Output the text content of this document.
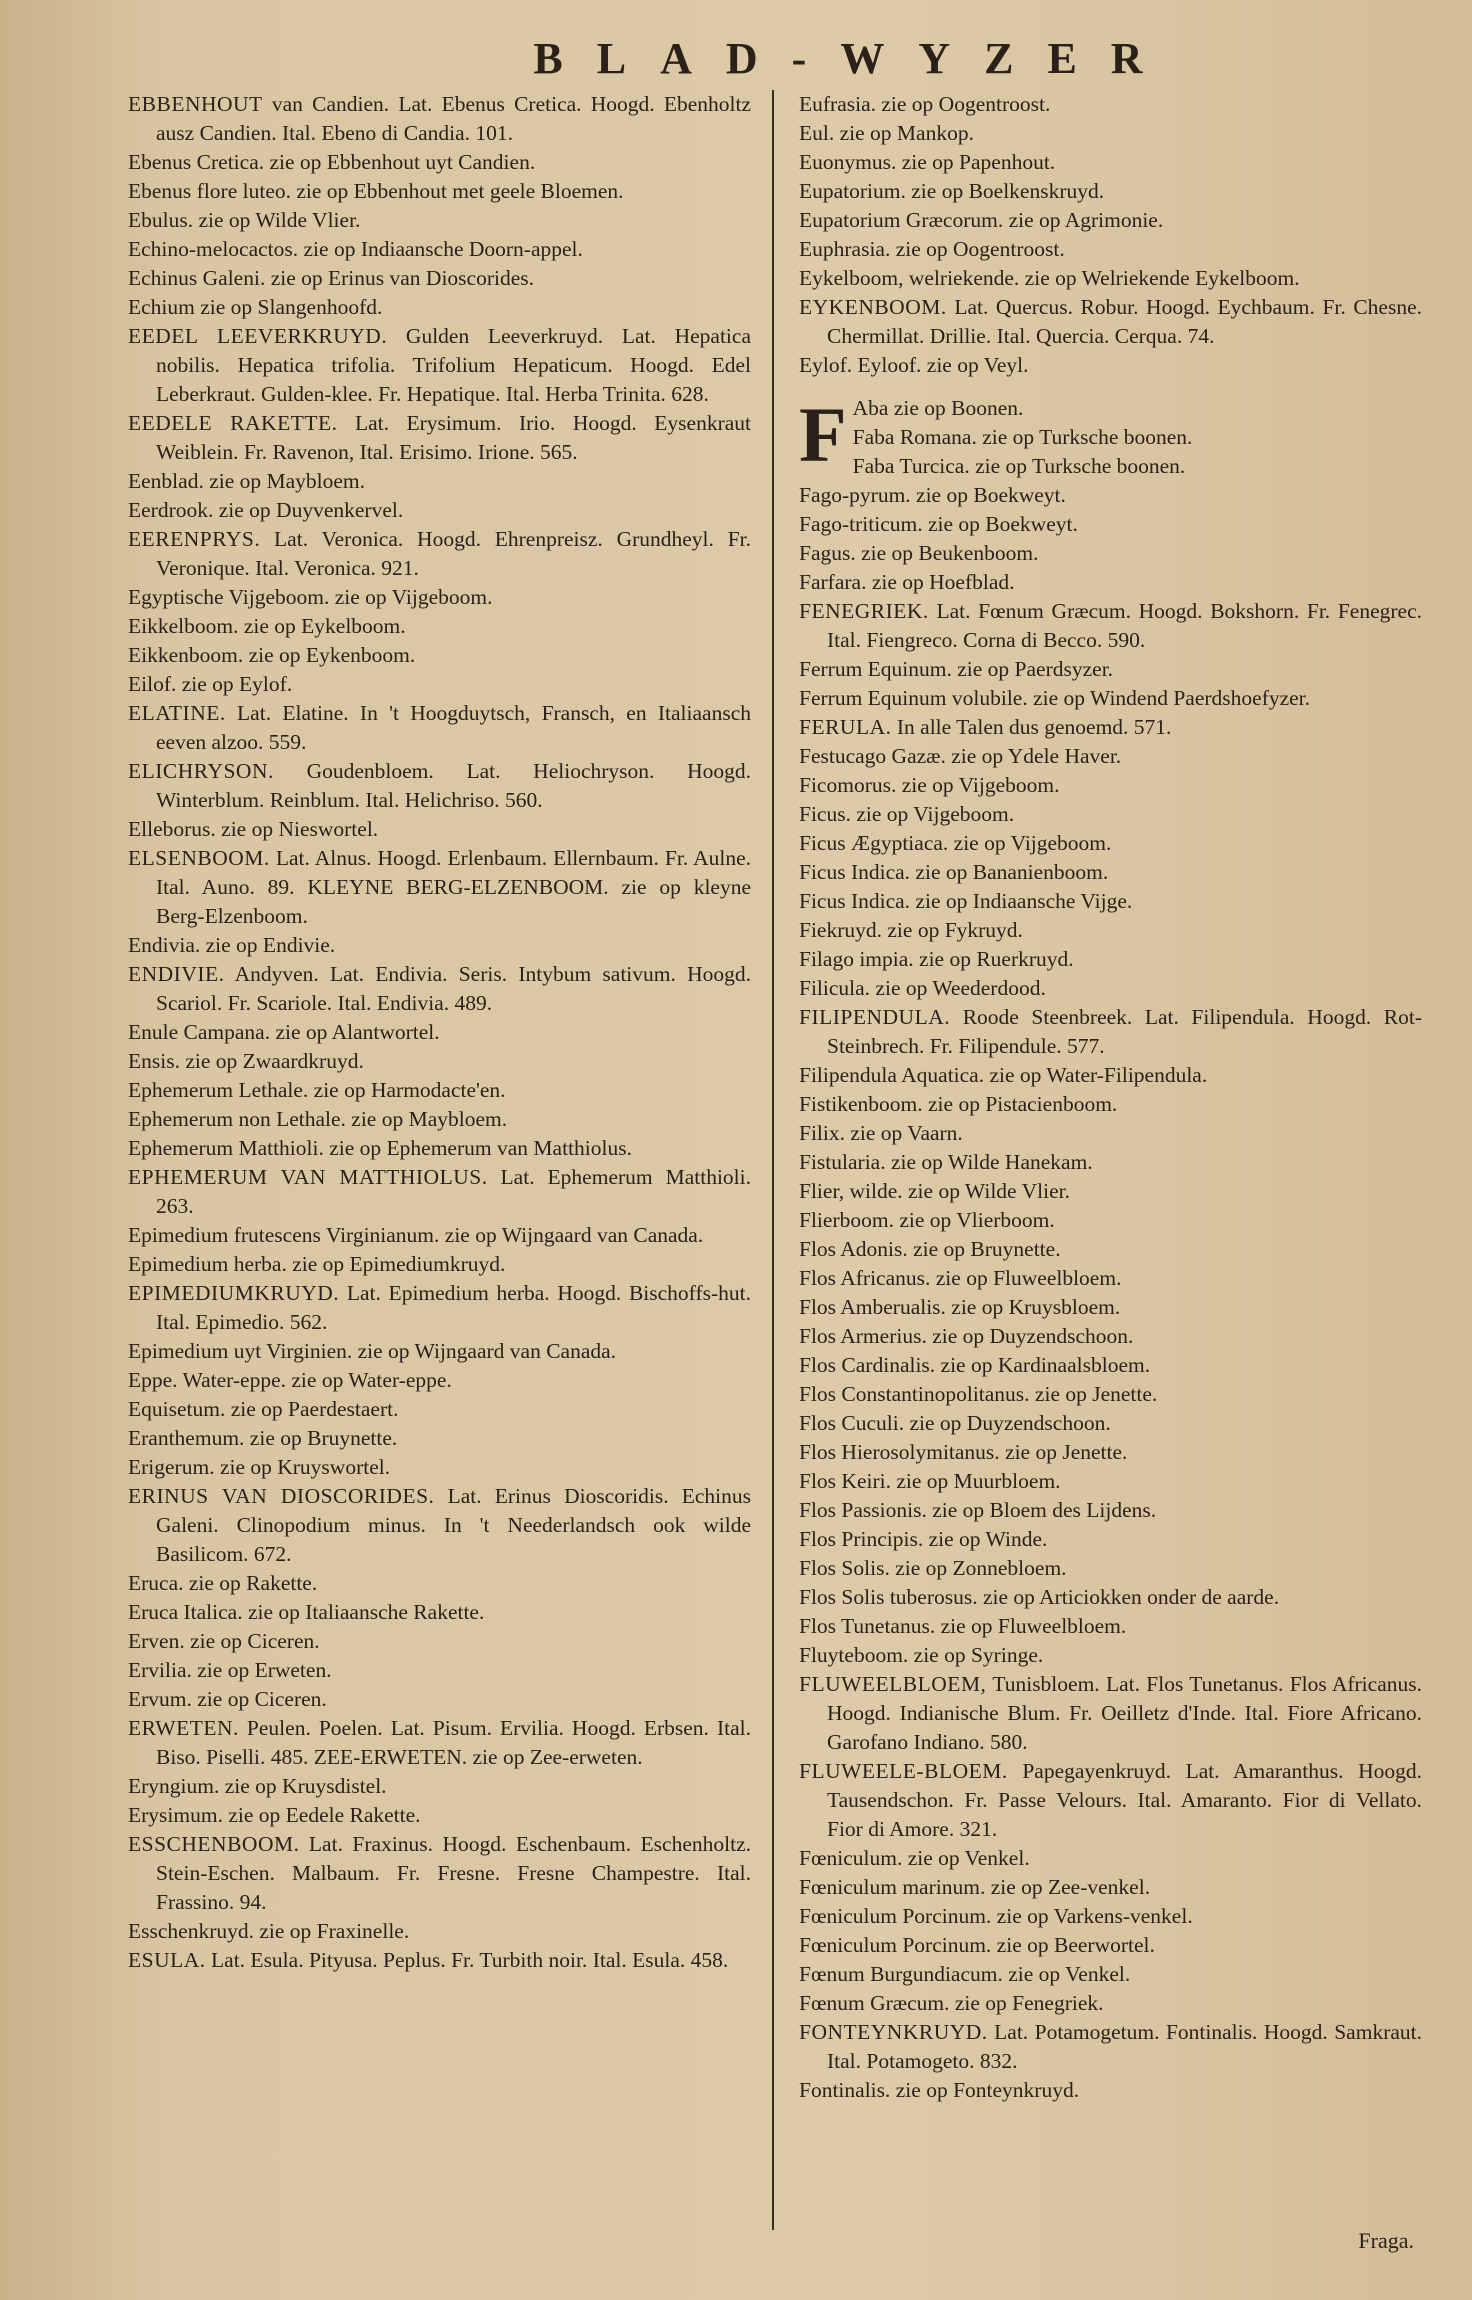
BLAD-WYZER

EBBENHOUT van Candien. Lat. Ebenus Cretica. Hoogd. Ebenholtz ausz Candien. Ital. Ebeno di Candia. 101.

Ebenus Cretica. zie op Ebbenhout uyt Candien.

Ebenus flore luteo. zie op Ebbenhout met geele Bloemen.

Ebulus. zie op Wilde Vlier.

Echino-melocactos. zie op Indiaansche Doorn-appel.

Echinus Galeni. zie op Erinus van Dioscorides.

Echium zie op Slangenhoofd.

EEDEL LEEVERKRUYD. Gulden Leeverkruyd. Lat. Hepatica nobilis. Hepatica trifolia. Trifolium Hepaticum. Hoogd. Edel Leberkraut. Gulden-klee. Fr. Hepatique. Ital. Herba Trinita. 628.

EEDELE RAKETTE. Lat. Erysimum. Irio. Hoogd. Eysenkraut Weiblein. Fr. Ravenon, Ital. Erisimo. Irione. 565.

Eenblad. zie op Maybloem.

Eerdrook. zie op Duyvenkervel.

EERENPRYS. Lat. Veronica. Hoogd. Ehrenpreisz. Grundheyl. Fr. Veronique. Ital. Veronica. 921.

Egyptische Vijgeboom. zie op Vijgeboom.

Eikkelboom. zie op Eykelboom.

Eikkenboom. zie op Eykenboom.

Eilof. zie op Eylof.

ELATINE. Lat. Elatine. In 't Hoogduytsch, Fransch, en Italiaansch eeven alzoo. 559.

ELICHRYSON. Goudenbloem. Lat. Heliochryson. Hoogd. Winterblum. Reinblum. Ital. Helichriso. 560.

Elleborus. zie op Nieswortel.

ELSENBOOM. Lat. Alnus. Hoogd. Erlenbaum. Ellernbaum. Fr. Aulne. Ital. Auno. 89. KLEYNE BERG-ELZENBOOM. zie op kleyne Berg-Elzenboom.

Endivia. zie op Endivie.

ENDIVIE. Andyven. Lat. Endivia. Seris. Intybum sativum. Hoogd. Scariol. Fr. Scariole. Ital. Endivia. 489.

Enule Campana. zie op Alantwortel.

Ensis. zie op Zwaardkruyd.

Ephemerum Lethale. zie op Harmodacte'en.

Ephemerum non Lethale. zie op Maybloem.

Ephemerum Matthioli. zie op Ephemerum van Matthiolus.

EPHEMERUM VAN MATTHIOLUS. Lat. Ephemerum Matthioli. 263.

Epimedium frutescens Virginianum. zie op Wijngaard van Canada.

Epimedium herba. zie op Epimediumkruyd.

EPIMEDIUMKRUYD. Lat. Epimedium herba. Hoogd. Bischoffs-hut. Ital. Epimedio. 562.

Epimedium uyt Virginien. zie op Wijngaard van Canada.

Eppe. Water-eppe. zie op Water-eppe.

Equisetum. zie op Paerdestaert.

Eranthemum. zie op Bruynette.

Erigerum. zie op Kruyswortel.

ERINUS VAN DIOSCORIDES. Lat. Erinus Dioscoridis. Echinus Galeni. Clinopodium minus. In 't Neederlandsch ook wilde Basilicom. 672.

Eruca. zie op Rakette.

Eruca Italica. zie op Italiaansche Rakette.

Erven. zie op Ciceren.

Ervilia. zie op Erweten.

Ervum. zie op Ciceren.

ERWETEN. Peulen. Poelen. Lat. Pisum. Ervilia. Hoogd. Erbsen. Ital. Biso. Piselli. 485. ZEE-ERWETEN. zie op Zee-erweten.

Eryngium. zie op Kruysdistel.

Erysimum. zie op Eedele Rakette.

ESSCHENBOOM. Lat. Fraxinus. Hoogd. Eschenbaum. Eschenholtz. Stein-Eschen. Malbaum. Fr. Fresne. Fresne Champestre. Ital. Frassino. 94.

Esschenkruyd. zie op Fraxinelle.

ESULA. Lat. Esula. Pityusa. Peplus. Fr. Turbith noir. Ital. Esula. 458.

Eufrasia. zie op Oogentroost.

Eul. zie op Mankop.

Euonymus. zie op Papenhout.

Eupatorium. zie op Boelkenskruyd.

Eupatorium Græcorum. zie op Agrimonie.

Euphrasia. zie op Oogentroost.

Eykelboom, welriekende. zie op Welriekende Eykelboom.

EYKENBOOM. Lat. Quercus. Robur. Hoogd. Eychbaum. Fr. Chesne. Chermillat. Drillie. Ital. Quercia. Cerqua. 74.

Eylof. Eyloof. zie op Veyl.

F Aba zie op Boonen.

Faba Romana. zie op Turksche boonen.

Faba Turcica. zie op Turksche boonen.

Fago-pyrum. zie op Boekweyt.

Fago-triticum. zie op Boekweyt.

Fagus. zie op Beukenboom.

Farfara. zie op Hoefblad.

FENEGRIEK. Lat. Fœnum Græcum. Hoogd. Bokshorn. Fr. Fenegrec. Ital. Fiengreco. Corna di Becco. 590.

Ferrum Equinum. zie op Paerdsyzer.

Ferrum Equinum volubile. zie op Windend Paerdshoefyzer.

FERULA. In alle Talen dus genoemd. 571.

Festucago Gazæ. zie op Ydele Haver.

Ficomorus. zie op Vijgeboom.

Ficus. zie op Vijgeboom.

Ficus Ægyptiaca. zie op Vijgeboom.

Ficus Indica. zie op Bananienboom.

Ficus Indica. zie op Indiaansche Vijge.

Fiekruyd. zie op Fykruyd.

Filago impia. zie op Ruerkruyd.

Filicula. zie op Weederdood.

FILIPENDULA. Roode Steenbreek. Lat. Filipendula. Hoogd. Rot-Steinbrech. Fr. Filipendule. 577.

Filipendula Aquatica. zie op Water-Filipendula.

Fistikenboom. zie op Pistacienboom.

Filix. zie op Vaarn.

Fistularia. zie op Wilde Hanekam.

Flier, wilde. zie op Wilde Vlier.

Flierboom. zie op Vlierboom.

Flos Adonis. zie op Bruynette.

Flos Africanus. zie op Fluweelbloem.

Flos Amberualis. zie op Kruysbloem.

Flos Armerius. zie op Duyzendschoon.

Flos Cardinalis. zie op Kardinaalsbloem.

Flos Constantinopolitanus. zie op Jenette.

Flos Cuculi. zie op Duyzendschoon.

Flos Hierosolymitanus. zie op Jenette.

Flos Keiri. zie op Muurbloem.

Flos Passionis. zie op Bloem des Lijdens.

Flos Principis. zie op Winde.

Flos Solis. zie op Zonnebloem.

Flos Solis tuberosus. zie op Articiokken onder de aarde.

Flos Tunetanus. zie op Fluweelbloem.

Fluyteboom. zie op Syringe.

FLUWEELBLOEM, Tunisbloem. Lat. Flos Tunetanus. Flos Africanus. Hoogd. Indianische Blum. Fr. Oeilletz d'Inde. Ital. Fiore Africano. Garofano Indiano. 580.

FLUWEELE-BLOEM. Papegayenkruyd. Lat. Amaranthus. Hoogd. Tausendschon. Fr. Passe Velours. Ital. Amaranto. Fior di Vellato. Fior di Amore. 321.

Fœniculum. zie op Venkel.

Fœniculum marinum. zie op Zee-venkel.

Fœniculum Porcinum. zie op Varkens-venkel.

Fœniculum Porcinum. zie op Beerwortel.

Fœnum Burgundiacum. zie op Venkel.

Fœnum Græcum. zie op Fenegriek.

FONTEYNKRUYD. Lat. Potamogetum. Fontinalis. Hoogd. Samkraut. Ital. Potamogeto. 832.

Fontinalis. zie op Fonteynkruyd.

Fraga.
